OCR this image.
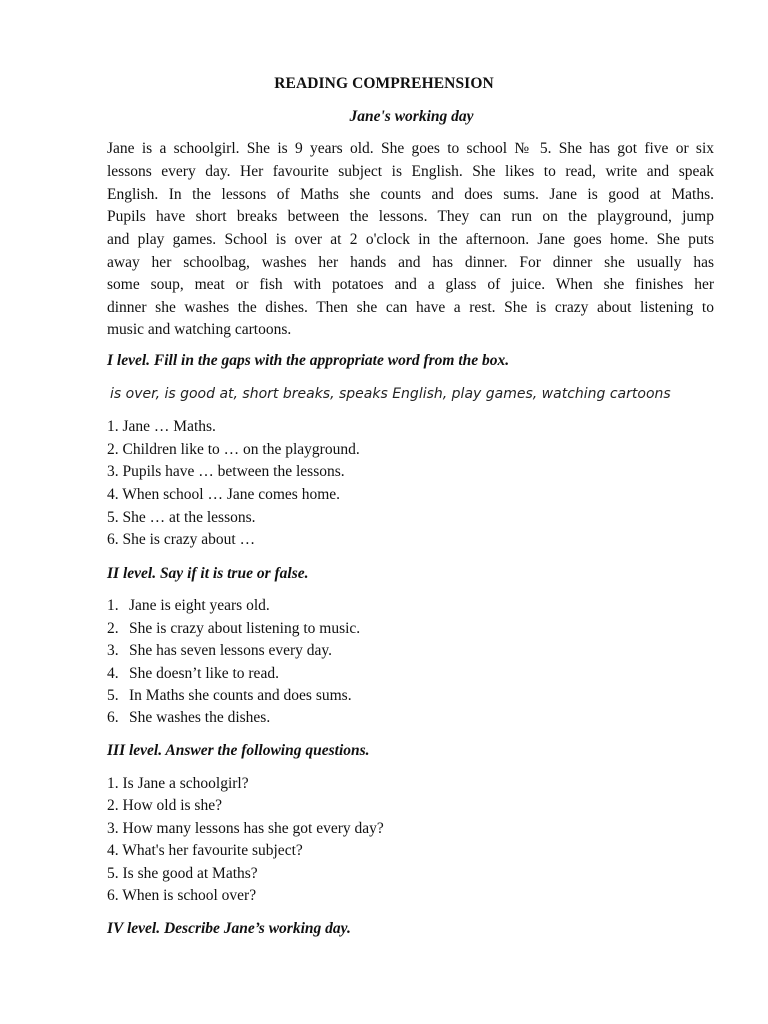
READING COMPREHENSION
Jane's working day
Jane is a schoolgirl. She is 9 years old. She goes to school № 5. She has got five or six
lessons every day. Her favourite subject is English. She likes to read, write and speak
English. In the lessons of Maths she counts and does sums. Jane is good at Maths.
Pupils have short breaks between the lessons. They can run on the playground, jump
and play games. School is over at 2 o'clock in the afternoon. Jane goes home. She puts
away her schoolbag, washes her hands and has dinner. For dinner she usually has
some soup, meat or fish with potatoes and a glass of juice. When she finishes her
dinner she washes the dishes. Then she can have a rest. She is crazy about listening to
music and watching cartoons.
I level. Fill in the gaps with the appropriate word from the box.
is over, is good at, short breaks, speaks English, play games, watching cartoons
1. Jane … Maths.
2. Children like to … on the playground.
3. Pupils have … between the lessons.
4. When school … Jane comes home.
5. She … at the lessons.
6. She is crazy about …
II level. Say if it is true or false.
1. Jane is eight years old.
2. She is crazy about listening to music.
3. She has seven lessons every day.
4. She doesn’t like to read.
5. In Maths she counts and does sums.
6. She washes the dishes.
III level. Answer the following questions.
1. Is Jane a schoolgirl?
2. How old is she?
3. How many lessons has she got every day?
4. What's her favourite subject?
5. Is she good at Maths?
6. When is school over?
IV level. Describe Jane’s working day.
